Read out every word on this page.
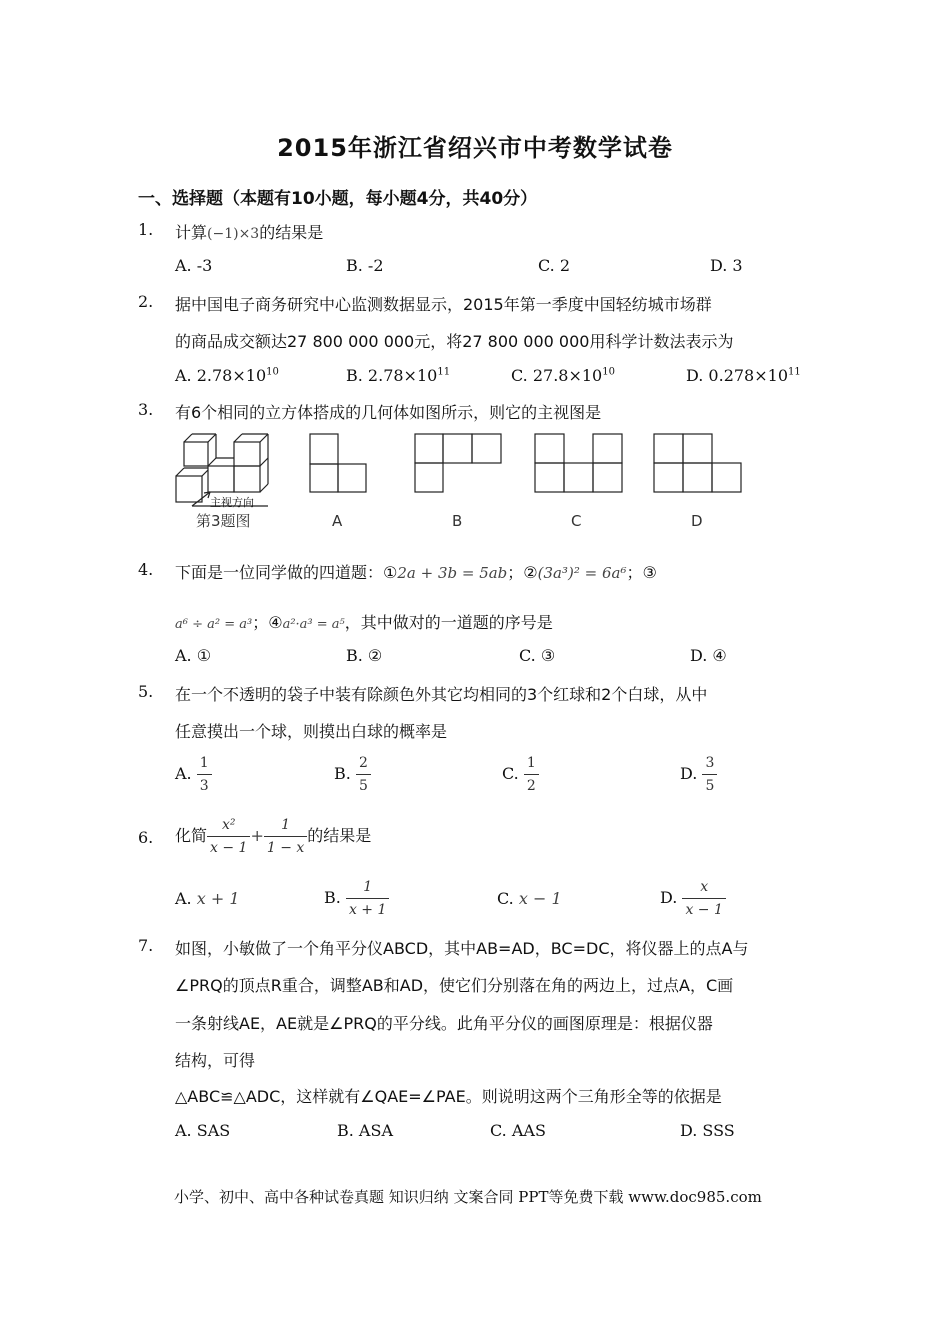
2015年浙江省绍兴市中考数学试卷
一、选择题（本题有10小题，每小题4分，共40分）
1. 计算(−1)×3的结果是
A. -3	B. -2	C. 2	D. 3
2. 据中国电子商务研究中心监测数据显示，2015年第一季度中国轻纺城市场群
的商品成交额达27 800 000 000元，将27 800 000 000用科学计数法表示为
A. $2.78\times 10^{10}$	B. $2.78\times 10^{11}$	C. $27.8\times 10^{10}$	D. $0.278\times 10^{11}$
3. 有6个相同的立方体搭成的几何体如图所示，则它的主视图是
主视方向
第3题图	A	B	C	D
4. 下面是一位同学做的四道题：①2a + 3b = 5ab；②(3a³)² = 6a⁶；③
a⁶ ÷ a² = a³；④a²·a³ = a⁵，其中做对的一道题的序号是
A. ①	B. ②	C. ③	D. ④
5. 在一个不透明的袋子中装有除颜色外其它均相同的3个红球和2个白球，从中
任意摸出一个球，则摸出白球的概率是
A. $\frac{1}{3}$	B. $\frac{2}{5}$	C. $\frac{1}{2}$	D. $\frac{3}{5}$
6. 化简 $\frac{\text{x²}}{x - 1} + \frac{1}{1 - x}$ 的结果是
A. x + 1	B. $\frac{1}{x + 1}$	C. x − 1	D. $\frac{x}{x - 1}$
7. 如图，小敏做了一个角平分仪ABCD，其中AB=AD，BC=DC，将仪器上的点A与
∠PRQ的顶点R重合，调整AB和AD，使它们分别落在角的两边上，过点A，C画
一条射线AE，AE就是∠PRQ的平分线。此角平分仪的画图原理是：根据仪器
结构，可得
△ABC≌△ADC，这样就有∠QAE=∠PAE。则说明这两个三角形全等的依据是
A. SAS	B. ASA	C. AAS	D. SSS
小学、初中、高中各种试卷真题 知识归纳 文案合同 PPT等免费下载 www.doc985.com
